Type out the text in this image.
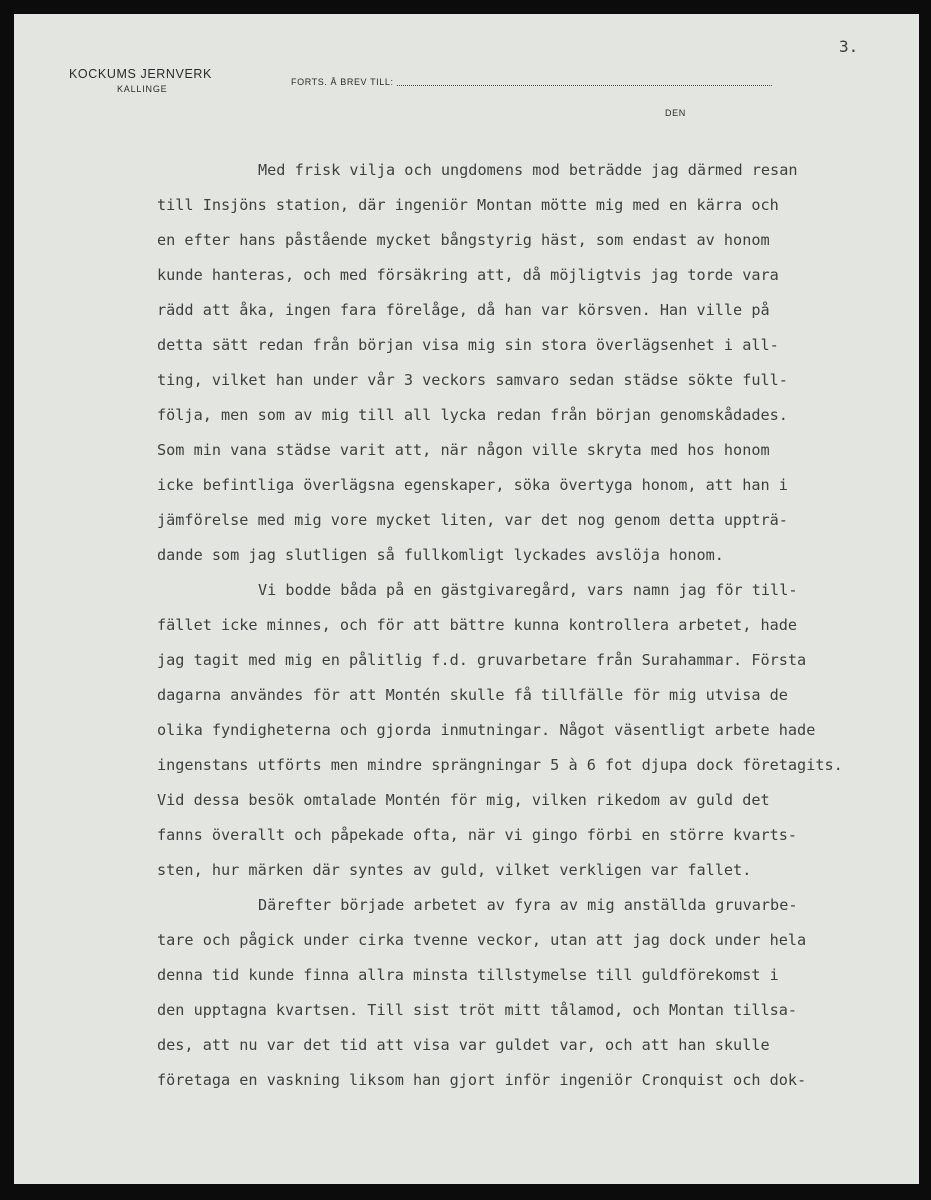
KOCKUMS JERNVERK
KALLINGE
FORTS. Å BREV TILL:
DEN
3.
Med frisk vilja och ungdomens mod beträdde jag därmed resan
till Insjöns station, där ingeniör Montan mötte mig med en kärra och
en efter hans påstående mycket bångstyrig häst, som endast av honom
kunde hanteras, och med försäkring att, då möjligtvis jag torde vara
rädd att åka, ingen fara förelåge, då han var körsven. Han ville på
detta sätt redan från början visa mig sin stora överlägsenhet i all-
ting, vilket han under vår 3 veckors samvaro sedan städse sökte full-
följa, men som av mig till all lycka redan från början genomskådades.
Som min vana städse varit att, när någon ville skryta med hos honom
icke befintliga överlägsna egenskaper, söka övertyga honom, att han i
jämförelse med mig vore mycket liten, var det nog genom detta uppträ-
dande som jag slutligen så fullkomligt lyckades avslöja honom.
Vi bodde båda på en gästgivaregård, vars namn jag för till-
fället icke minnes, och för att bättre kunna kontrollera arbetet, hade
jag tagit med mig en pålitlig f.d. gruvarbetare från Surahammar. Första
dagarna användes för att Montén skulle få tillfälle för mig utvisa de
olika fyndigheterna och gjorda inmutningar. Något väsentligt arbete hade
ingenstans utförts men mindre sprängningar 5 à 6 fot djupa dock företagits.
Vid dessa besök omtalade Montén för mig, vilken rikedom av guld det
fanns överallt och påpekade ofta, när vi gingo förbi en större kvarts-
sten, hur märken där syntes av guld, vilket verkligen var fallet.
Därefter började arbetet av fyra av mig anställda gruvarbe-
tare och pågick under cirka tvenne veckor, utan att jag dock under hela
denna tid kunde finna allra minsta tillstymelse till guldförekomst i
den upptagna kvartsen. Till sist tröt mitt tålamod, och Montan tillsa-
des, att nu var det tid att visa var guldet var, och att han skulle
företaga en vaskning liksom han gjort inför ingeniör Cronquist och dok-
